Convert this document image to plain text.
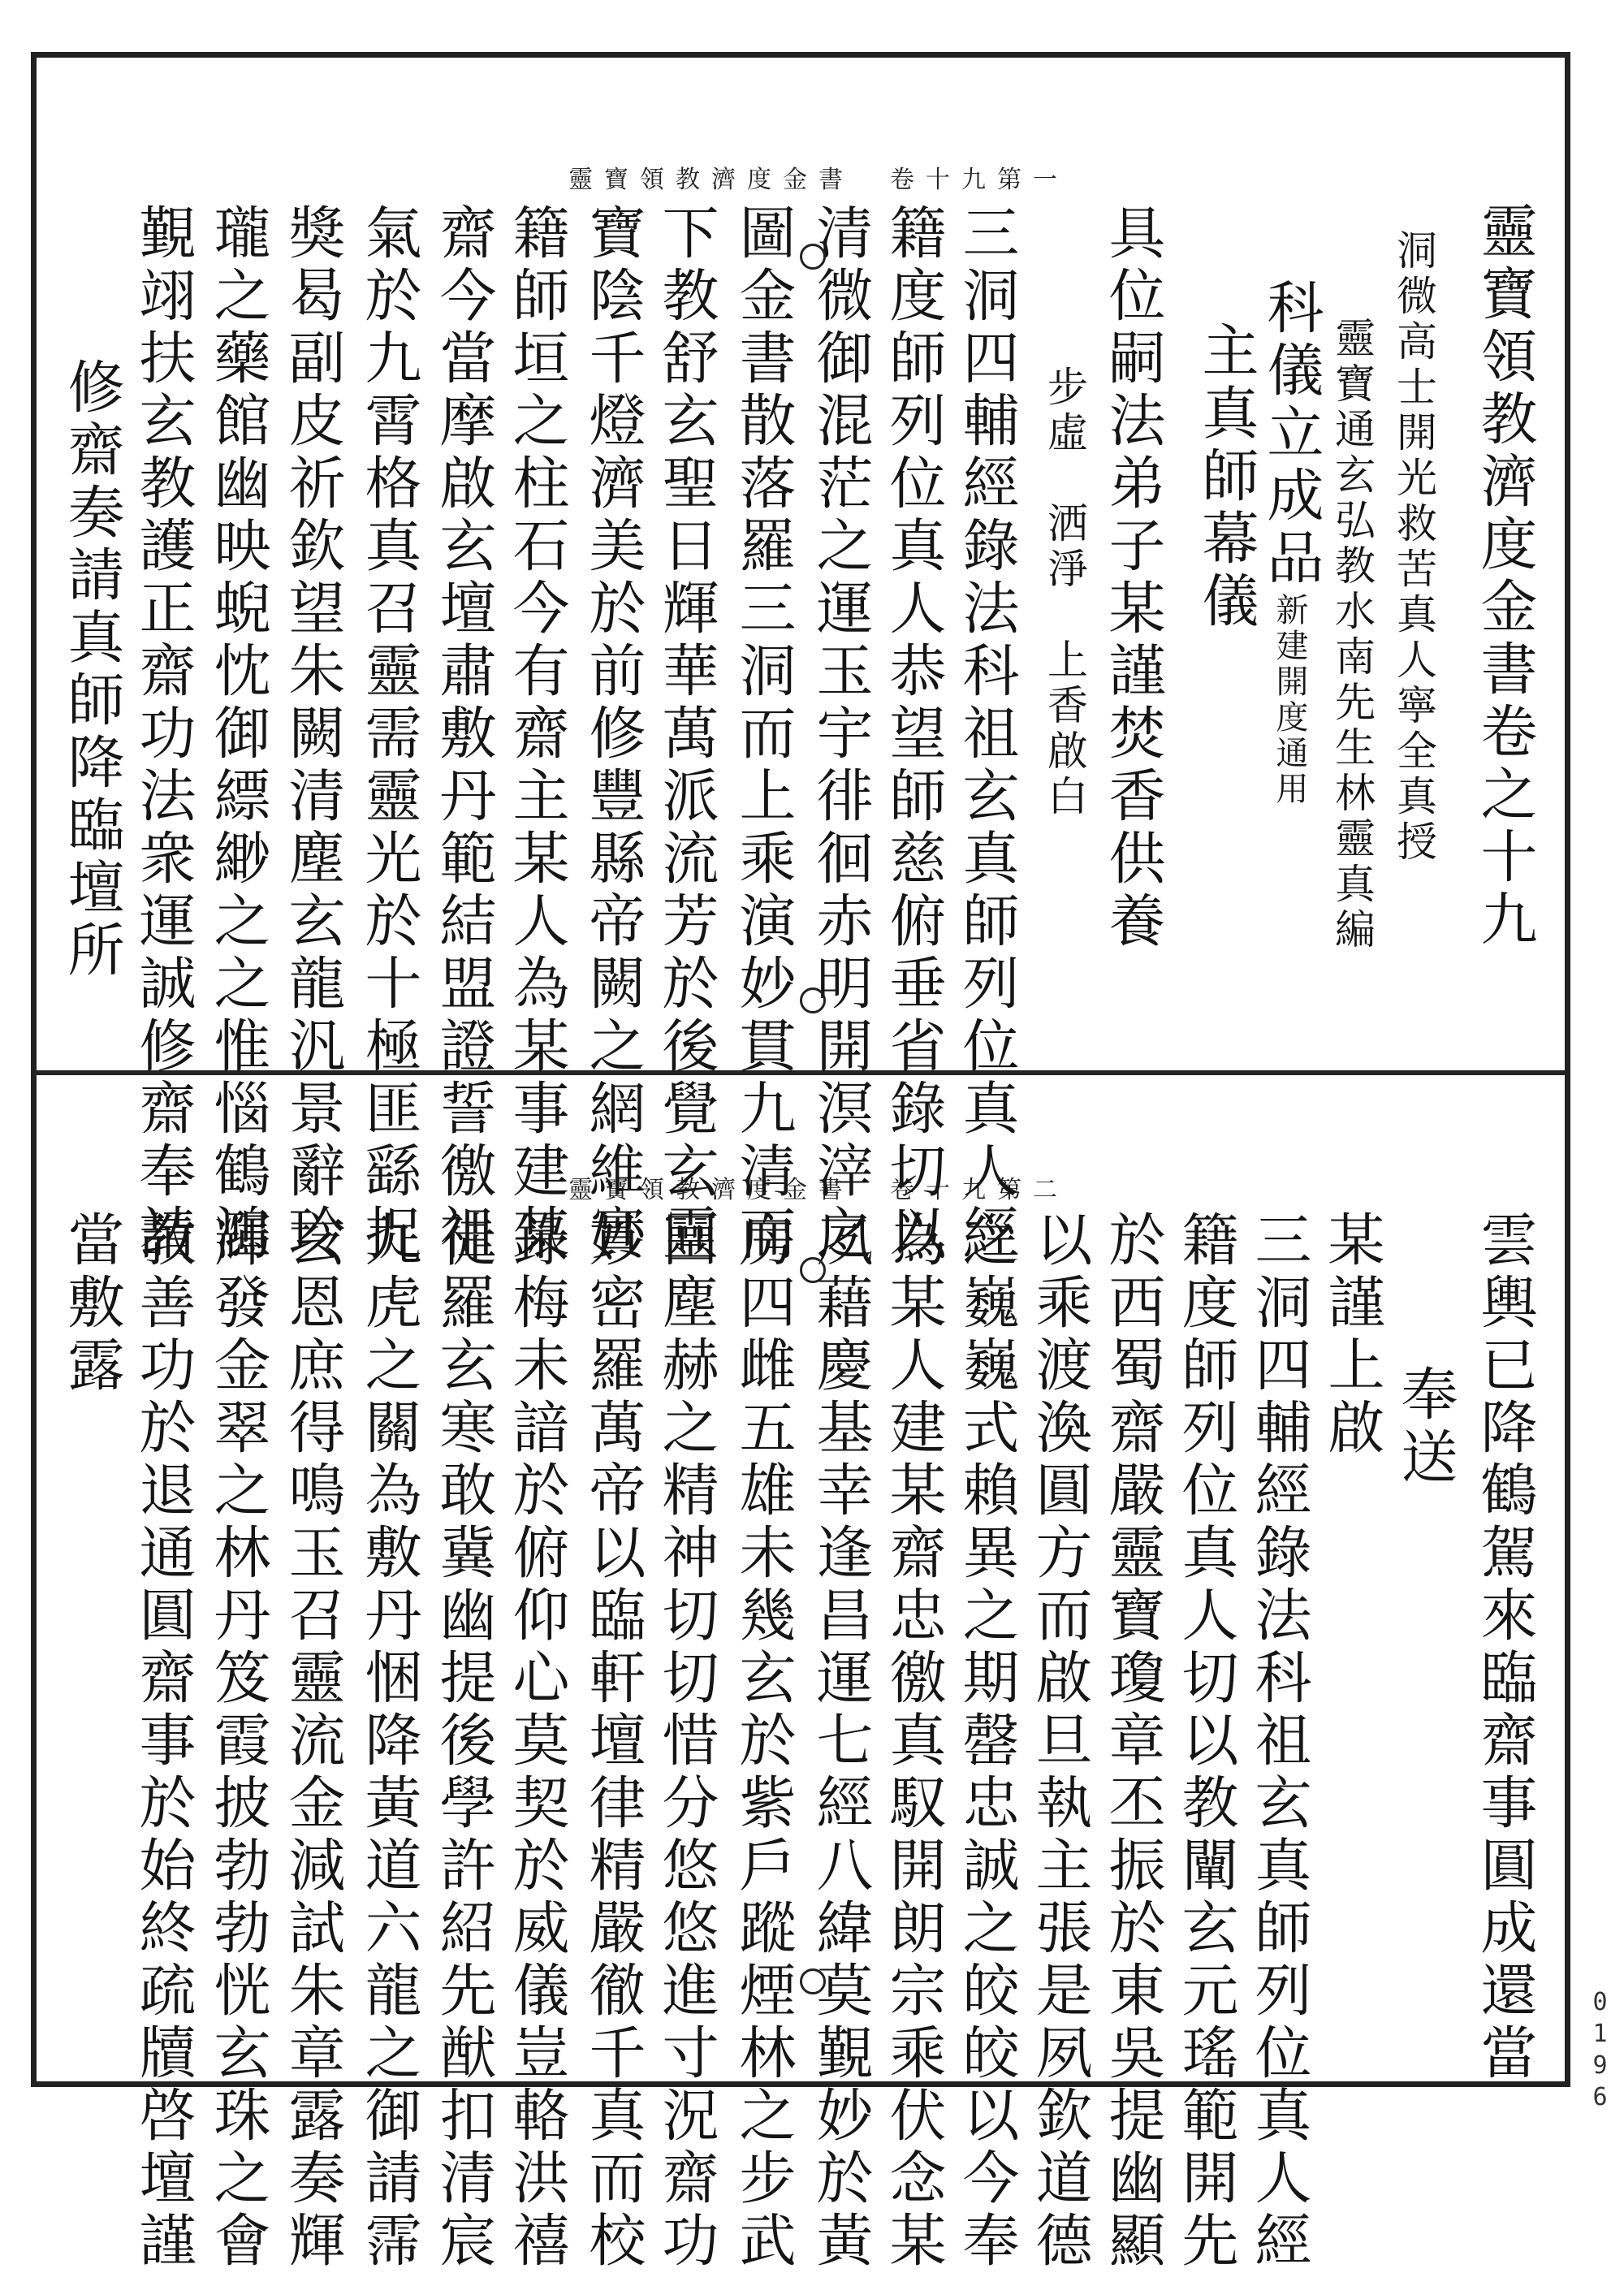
靈寶領教濟度金書　卷十九第一
靈寶領教濟度金書　卷十九第二
靈寶領教濟度金書卷之十九
洞微高士開光救苦真人寧全真授
靈寶通玄弘教水南先生林靈真編
科儀立成品
新建開度通用
主真師幕儀
具位嗣法弟子某謹焚香供養
步虛　洒淨　上香啟白
三洞四輔經錄法科祖玄真師列位真人經
籍度師列位真人恭望師慈俯垂省錄切以
清微御混茫之運玉宇徘徊赤明開溟滓之
圖金書散落羅三洞而上乘演妙貫九清而
下教舒玄聖日輝華萬派流芳於後覺玄靈
寶陰千燈濟美於前修豐縣帝闕之網維實
籍師垣之柱石今有齋主某人為某事建某
齋今當摩啟玄壇肅敷丹範結盟證誓徼祖
氣於九霄格真召靈需靈光於十極匪繇捉
獎曷副皮祈欽望朱闕清塵玄龍汎景辭玲
瓏之藥館幽映蜺忱御縹緲之之惟惱鶴鴻
覲翊扶玄教護正齋功法衆運誠修齋奉請
修齋奏請真師降臨壇所
雲輿已降鶴駕來臨齋事圓成還當
奉送
某謹上啟
三洞四輔經錄法科祖玄真師列位真人經
籍度師列位真人切以教闡玄元瑤範開先
於西蜀齋嚴靈寶瓊章丕振於東吳提幽顯
以乘渡渙圓方而啟旦執主張是夙欽道德
之巍巍式賴異之期罄忠誠之皎皎以今奉
為某人建某齋忠徼真馭開朗宗乘伏念某
夙藉慶基幸逢昌運七經八緯莫覲妙於黃
房四雌五雄未幾玄於紫戶蹤煙林之步武
回塵赫之精神切切惜分悠悠進寸況齋功
妙密羅萬帝以臨軒壇律精嚴徹千真而校
錄梅未諳於俯仰心莫契於威儀豈輅洪禧
徒羅玄寒敢冀幽提後學許紹先猷扣清宸
九虎之關為敷丹悃降黃道六龍之御請霈
玄恩庶得鳴玉召靈流金減試朱章露奏輝
輝發金翠之林丹笈霞披勃勃恍玄珠之會
教善功於退通圓齋事於始終疏牘啓壇謹
當敷露
0196
